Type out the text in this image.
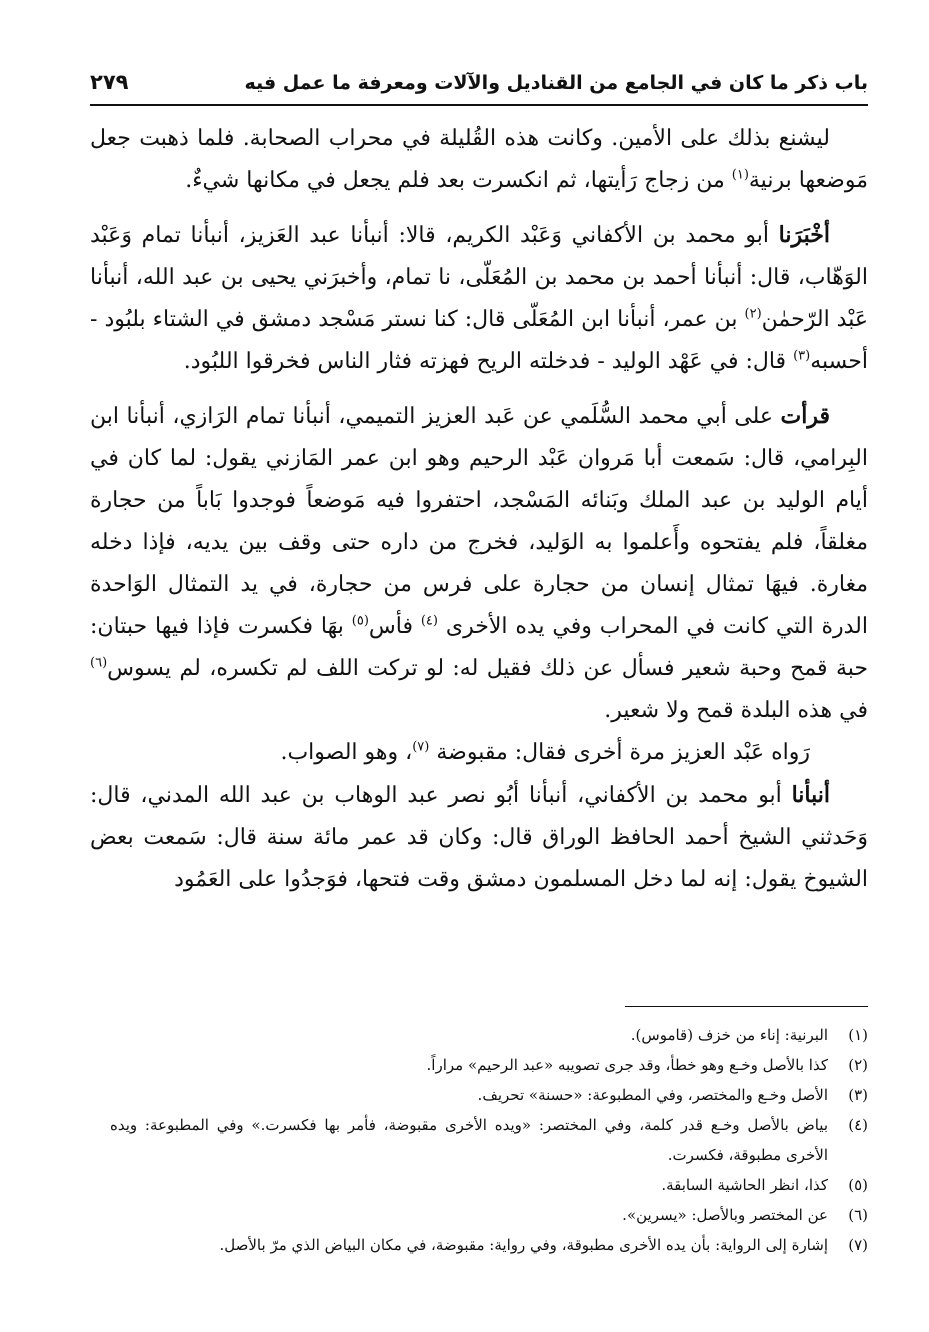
باب ذكر ما كان في الجامع من القناديل والآلات ومعرفة ما عمل فيه
٢٧٩

ليشنع بذلك على الأمين. وكانت هذه القُليلة في محراب الصحابة. فلما ذهبت جعل مَوضعها برنية$^{(١)}$ من زجاج رَأيتها، ثم انكسرت بعد فلم يجعل في مكانها شيءٌ.

أخْبَرَنا أبو محمد بن الأكفاني وَعَبْد الكريم، قالا: أنبأنا عبد العَزيز، أنبأنا تمام وَعَبْد الوَهّاب، قال: أنبأنا أحمد بن محمد بن المُعَلّى، نا تمام، وأخبرَني يحيى بن عبد الله، أنبأنا عَبْد الرّحمٰن$^{(٢)}$ بن عمر، أنبأنا ابن المُعَلّى قال: كنا نستر مَسْجد دمشق في الشتاء بلبُود - أحسبه$^{(٣)}$ قال: في عَهْد الوليد - فدخلته الريح فهزته فثار الناس فخرقوا اللبُود.

قرأت على أبي محمد السُّلَمي عن عَبد العزيز التميمي، أنبأنا تمام الرَازي، أنبأنا ابن البِرامي، قال: سَمعت أبا مَروان عَبْد الرحيم وهو ابن عمر المَازني يقول: لما كان في أيام الوليد بن عبد الملك وبَنائه المَسْجد، احتفروا فيه مَوضعاً فوجدوا بَاباً من حجارة مغلقاً، فلم يفتحوه وأَعلموا به الوَليد، فخرج من داره حتى وقف بين يديه، فإذا دخله مغارة. فيهَا تمثال إنسان من حجارة على فرس من حجارة، في يد التمثال الوَاحدة الدرة التي كانت في المحراب وفي يده الأخرى $^{(٤)}$ فأس$^{(٥)}$ بهَا فكسرت فإذا فيها حبتان: حبة قمح وحبة شعير فسأل عن ذلك فقيل له: لو تركت اللف لم تكسره، لم يسوس$^{(٦)}$ في هذه البلدة قمح ولا شعير.

رَواه عَبْد العزيز مرة أخرى فقال: مقبوضة $^{(٧)}$، وهو الصواب.

أنبأنا أبو محمد بن الأكفاني، أنبأنا أبُو نصر عبد الوهاب بن عبد الله المدني، قال: وَحَدثني الشيخ أحمد الحافظ الوراق قال: وكان قد عمر مائة سنة قال: سَمعت بعض الشيوخ يقول: إنه لما دخل المسلمون دمشق وقت فتحها، فوَجدُوا على العَمُود

(١)
البرنية: إناء من خزف (قاموس).
(٢)
كذا بالأصل وخـع وهو خطأ، وقد جرى تصويبه «عبد الرحيم» مراراً.
(٣)
الأصل وخـع والمختصر، وفي المطبوعة: «حسنة» تحريف.
(٤)
بياض بالأصل وخـع قدر كلمة، وفي المختصر: «ويده الأخرى مقبوضة، فأمر بها فكسرت.» وفي المطبوعة: ويده الأخرى مطبوقة، فكسرت.
(٥)
كذا، انظر الحاشية السابقة.
(٦)
عن المختصر وبالأصل: «يسرين».
(٧)
إشارة إلى الرواية: بأن يده الأخرى مطبوقة، وفي رواية: مقبوضة، في مكان البياض الذي مرّ بالأصل.
